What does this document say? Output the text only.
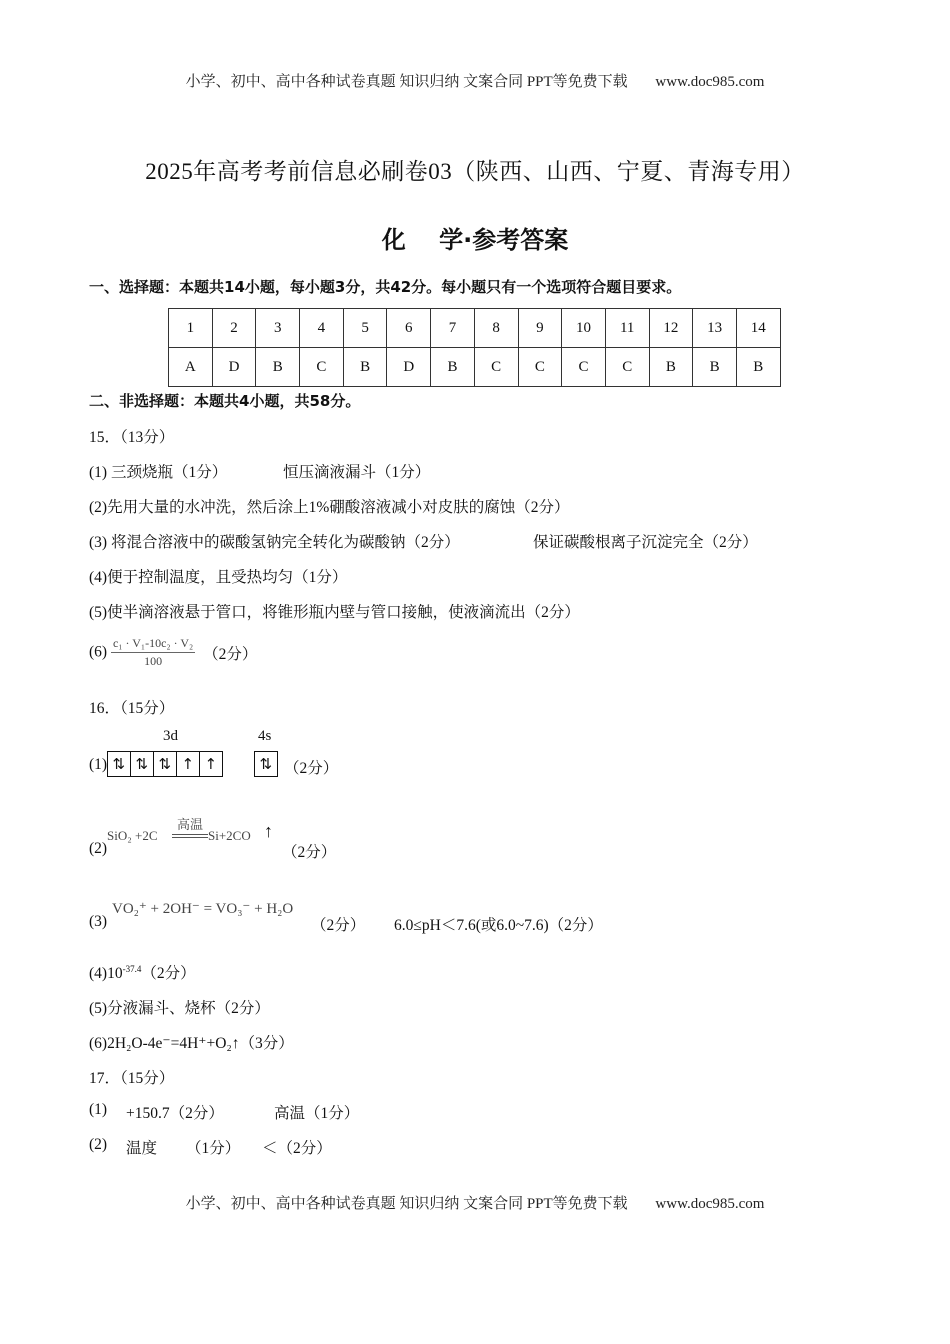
小学、初中、高中各种试卷真题 知识归纳 文案合同 PPT等免费下载 www.doc985.com
2025年高考考前信息必刷卷03（陕西、山西、宁夏、青海专用）
化    学·参考答案
一、选择题：本题共14小题，每小题3分，共42分。每小题只有一个选项符合题目要求。
1	2	3	4	5	6	7	8	9	10	11	12	13	14
A	D	B	C	B	D	B	C	C	C	C	B	B	B
二、非选择题：本题共4小题，共58分。
15．（13分）
(1) 三颈烧瓶（1分）	恒压滴液漏斗（1分）
(2)先用大量的水冲洗，然后涂上1%硼酸溶液减小对皮肤的腐蚀（2分）
(3) 将混合溶液中的碳酸氢钠完全转化为碳酸钠（2分）	保证碳酸根离子沉淀完全（2分）
(4)便于控制温度，且受热均匀（1分）
(5)使半滴溶液悬于管口，将锥形瓶内壁与管口接触，使液滴流出（2分）
$(6) \frac{\text{c₁ · V₁-10c₂ · V₂}}{100} (2$分）
16．（15分）
3d	4s
(1) ⇅ ⇅ ⇅ ↑ ↑	⇅ （2分）
(2)
SiO₂ +2C
高温
Si+2CO ↑
（2分）
(3)
VO₂⁺ + 2OH⁻ = VO₃⁻ + H₂O
（2分） 6.0≤pH＜7.6(或6.0~7.6)（2分）
$(4)10^{-37.4}(2$分）
(5)分液漏斗、烧杯（2分）
(6)2H₂O-4e⁻=4H⁺+O₂↑（3分）
17．（15分）
(1) +150.7（2分）	高温（1分）
(2) 温度 （1分） ＜（2分）
小学、初中、高中各种试卷真题 知识归纳 文案合同 PPT等免费下载 www.doc985.com
